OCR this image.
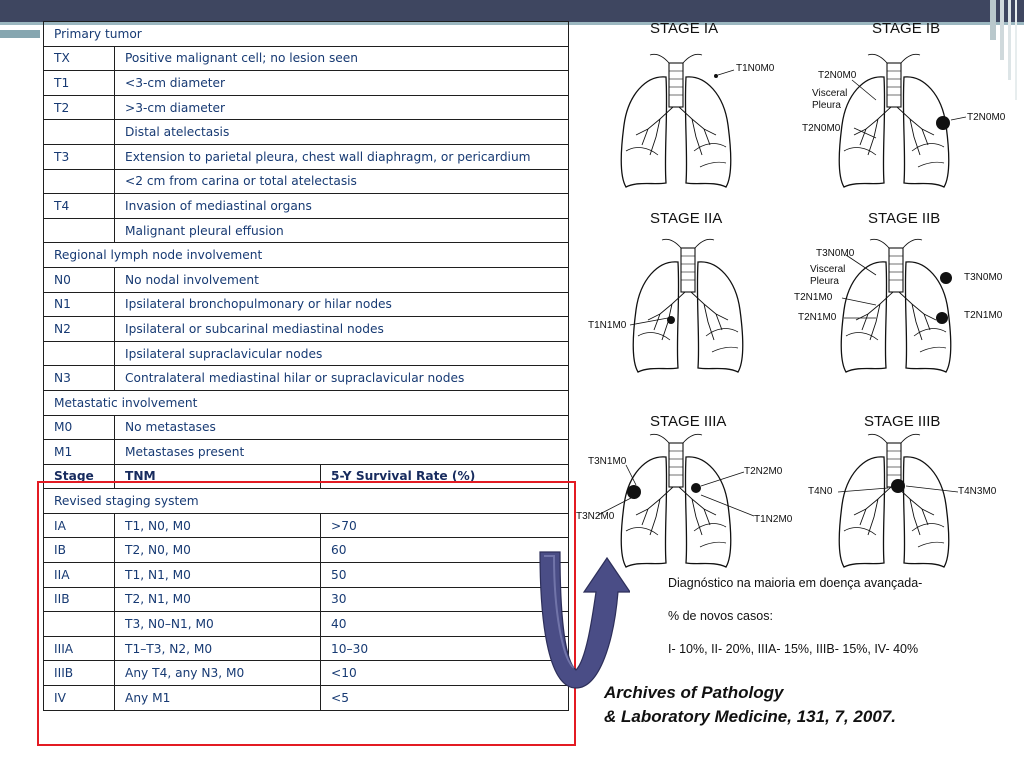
Primary tumor		
TX	Positive malignant cell; no lesion seen	
T1	<3-cm diameter	
T2	>3-cm diameter	
	Distal atelectasis	
T3	Extension to parietal pleura, chest wall diaphragm, or pericardium	
	<2 cm from carina or total atelectasis	
T4	Invasion of mediastinal organs	
	Malignant pleural effusion	
Regional lymph node involvement		
N0	No nodal involvement	
N1	Ipsilateral bronchopulmonary or hilar nodes	
N2	Ipsilateral or subcarinal mediastinal nodes	
	Ipsilateral supraclavicular nodes	
N3	Contralateral mediastinal hilar or supraclavicular nodes	
Metastatic involvement		
M0	No metastases	
M1	Metastases present	
Stage	TNM	5-Y Survival Rate (%)
Revised staging system		
IA	T1, N0, M0	>70
IB	T2, N0, M0	60
IIA	T1, N1, M0	50
IIB	T2, N1, M0	30
	T3, N0–N1, M0	40
IIIA	T1–T3, N2, M0	10–30
IIIB	Any T4, any N3, M0	<10
IV	Any M1	<5
STAGE IA
T1N0M0
STAGE IB
T2N0M0
Visceral
Pleura
T2N0M0
T2N0M0
STAGE IIA
T1N1M0
STAGE IIB
T3N0M0
Visceral
Pleura
T2N1M0
T2N1M0
T3N0M0
T2N1M0
STAGE IIIA
T3N1M0
T2N2M0
T3N2M0	T1N2M0
STAGE IIIB
T4N0	T4N3M0
Diagnóstico na maioria em doença avançada-
% de novos casos:
I- 10%, II- 20%, IIIA- 15%, IIIB- 15%, IV- 40%
Archives of Pathology
& Laboratory Medicine, 131, 7, 2007.
